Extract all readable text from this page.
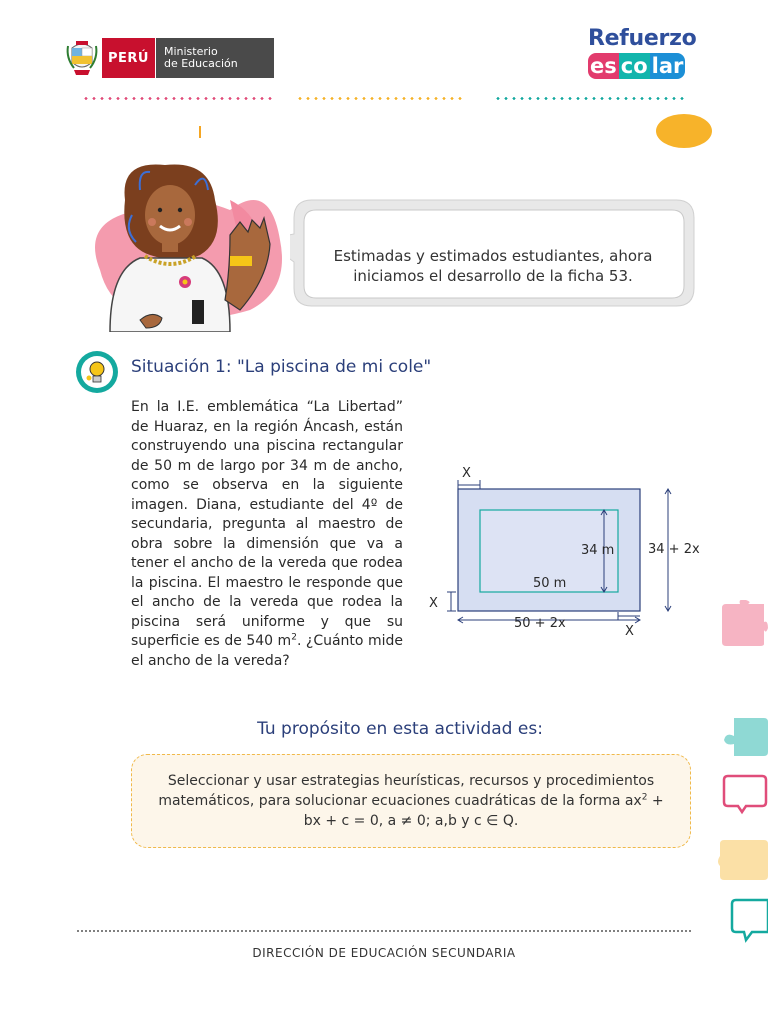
PERÚ	Ministerio
de Educación
Refuerzo
es co lar
Estimadas y estimados estudiantes, ahora iniciamos el desarrollo de la ficha 53.
Situación 1: "La piscina de mi cole"
En la I.E. emblemática “La Libertad” de Huaraz, en la región Áncash, están construyendo una piscina rectangular de 50 m de largo por 34 m de ancho, como se observa en la siguiente imagen. Diana, estudiante del 4º de secundaria, pregunta al maestro de obra sobre la dimensión que va a tener el ancho de la vereda que rodea la piscina. El maestro le responde que el ancho de la vereda que rodea la piscina será uniforme y que su superficie es de 540 $m^2$. ¿Cuánto mide el ancho de la vereda?
X
34 m
50 m
34 + 2x
X
50 + 2x
X
Tu propósito en esta actividad es:
Seleccionar y usar estrategias heurísticas, recursos y procedimientos matemáticos, para solucionar ecuaciones cuadráticas de la forma $ax^2$ + bx + c = 0, a ≠ 0; a,b y c ∈ Q.
DIRECCIÓN DE EDUCACIÓN SECUNDARIA
